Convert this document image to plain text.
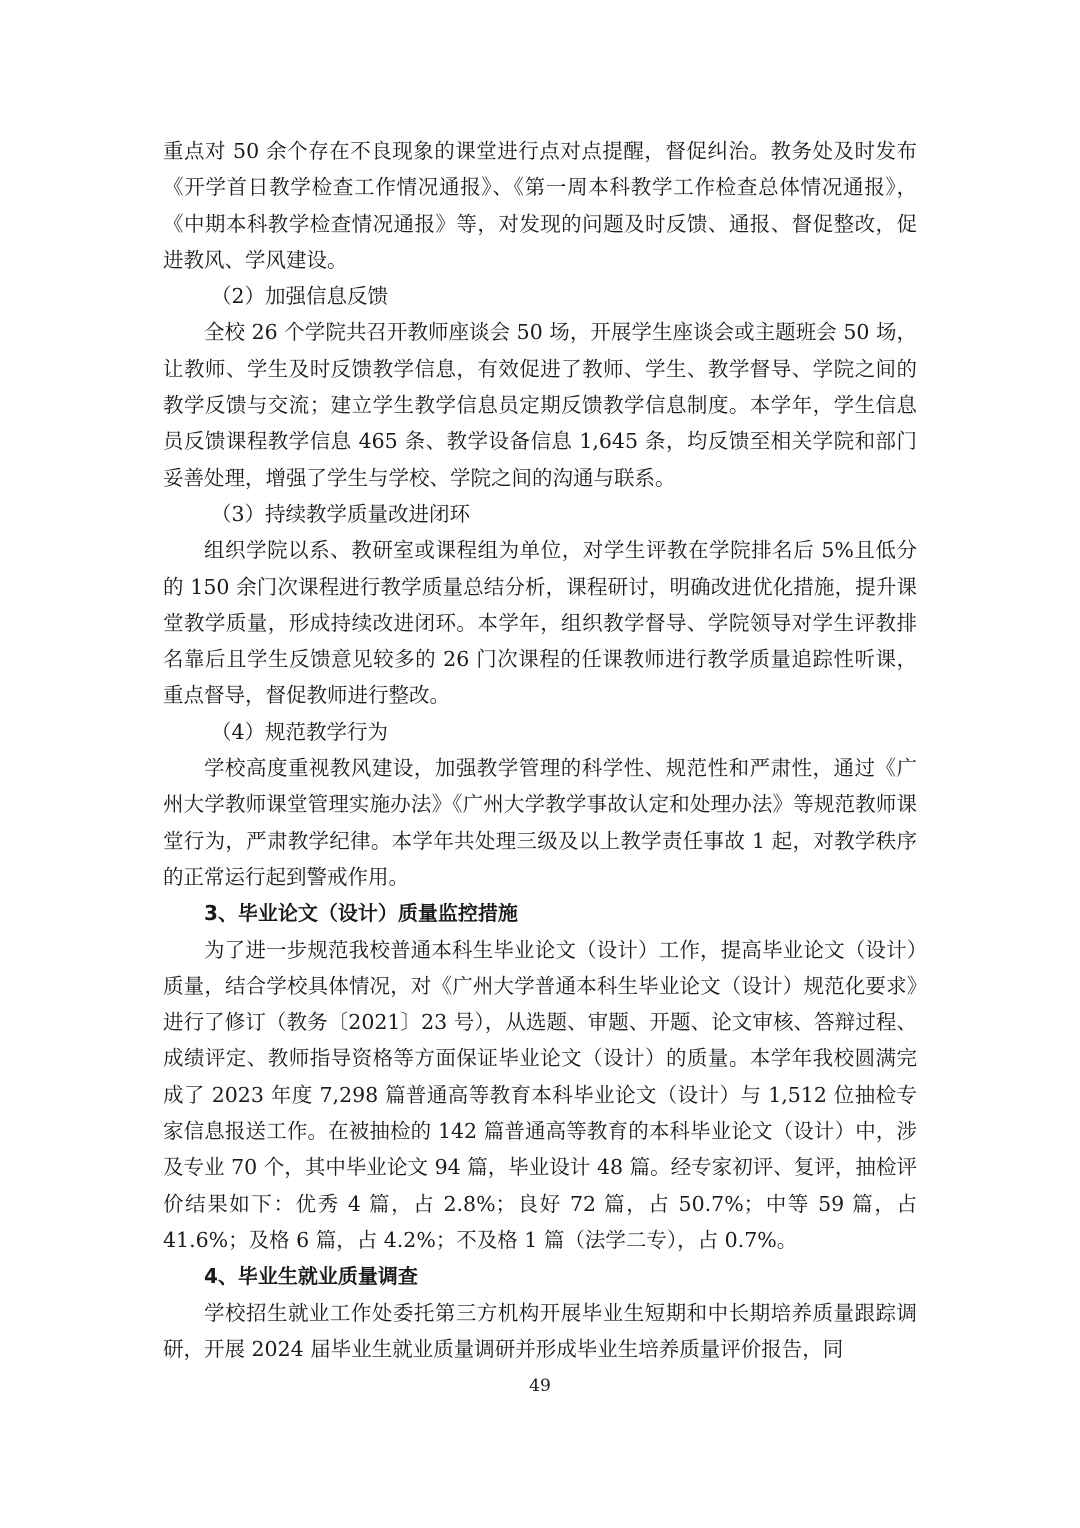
重点对 50 余个存在不良现象的课堂进行点对点提醒，督促纠治。教务处及时发布《开学首日教学检查工作情况通报》、《第一周本科教学工作检查总体情况通报》，《中期本科教学检查情况通报》等，对发现的问题及时反馈、通报、督促整改，促进教风、学风建设。

（2）加强信息反馈

全校 26 个学院共召开教师座谈会 50 场，开展学生座谈会或主题班会 50 场，让教师、学生及时反馈教学信息，有效促进了教师、学生、教学督导、学院之间的教学反馈与交流；建立学生教学信息员定期反馈教学信息制度。本学年，学生信息员反馈课程教学信息 465 条、教学设备信息 1,645 条，均反馈至相关学院和部门妥善处理，增强了学生与学校、学院之间的沟通与联系。

（3）持续教学质量改进闭环

组织学院以系、教研室或课程组为单位，对学生评教在学院排名后 5%且低分的 150 余门次课程进行教学质量总结分析，课程研讨，明确改进优化措施，提升课堂教学质量，形成持续改进闭环。本学年，组织教学督导、学院领导对学生评教排名靠后且学生反馈意见较多的 26 门次课程的任课教师进行教学质量追踪性听课，重点督导，督促教师进行整改。

（4）规范教学行为

学校高度重视教风建设，加强教学管理的科学性、规范性和严肃性，通过《广州大学教师课堂管理实施办法》《广州大学教学事故认定和处理办法》等规范教师课堂行为，严肃教学纪律。本学年共处理三级及以上教学责任事故 1 起，对教学秩序的正常运行起到警戒作用。

3、毕业论文（设计）质量监控措施

为了进一步规范我校普通本科生毕业论文（设计）工作，提高毕业论文（设计）质量，结合学校具体情况，对《广州大学普通本科生毕业论文（设计）规范化要求》进行了修订（教务〔2021〕23 号），从选题、审题、开题、论文审核、答辩过程、成绩评定、教师指导资格等方面保证毕业论文（设计）的质量。本学年我校圆满完成了 2023 年度 7,298 篇普通高等教育本科毕业论文（设计）与 1,512 位抽检专家信息报送工作。在被抽检的 142 篇普通高等教育的本科毕业论文（设计）中，涉及专业 70 个，其中毕业论文 94 篇，毕业设计 48 篇。经专家初评、复评，抽检评价结果如下：优秀 4 篇，占 2.8%；良好 72 篇，占 50.7%；中等 59 篇，占 41.6%；及格 6 篇，占 4.2%；不及格 1 篇（法学二专），占 0.7%。

4、毕业生就业质量调查

学校招生就业工作处委托第三方机构开展毕业生短期和中长期培养质量跟踪调研，开展 2024 届毕业生就业质量调研并形成毕业生培养质量评价报告，同

49
